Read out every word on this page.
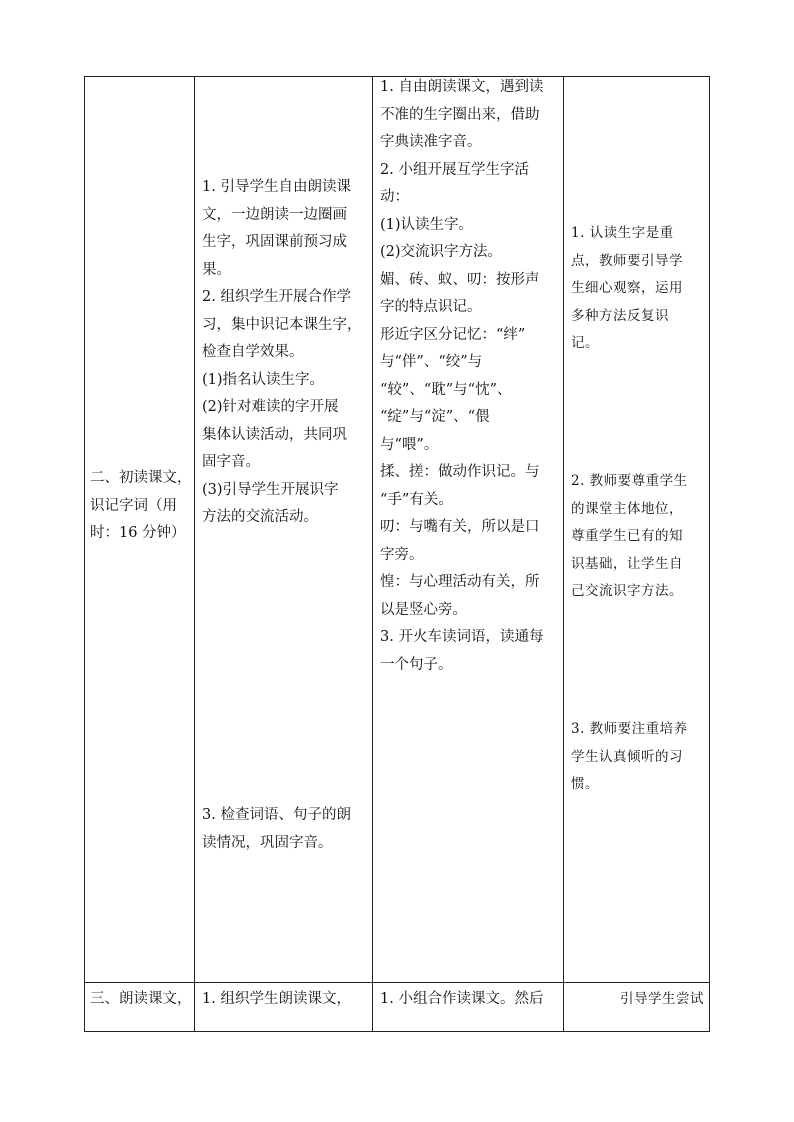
二、初读课文，

识记字词（用

时：16 分钟）

1. 引导学生自由朗读课

文，一边朗读一边圈画

生字，巩固课前预习成

果。

2. 组织学生开展合作学

习，集中识记本课生字，

检查自学效果。

(1)指名认读生字。

(2)针对难读的字开展

集体认读活动，共同巩

固字音。

(3)引导学生开展识字

方法的交流活动。

3. 检查词语、句子的朗

读情况，巩固字音。

1. 自由朗读课文，遇到读

不准的生字圈出来，借助

字典读准字音。

2. 小组开展互学生字活

动：

(1)认读生字。

(2)交流识字方法。

媚、砖、蚁、叨：按形声

字的特点识记。

形近字区分记忆：“绊”

与“伴”、“绞”与

“较”、“耽”与“忱”、

“绽”与“淀”、“偎

与“喂”。

揉、搓：做动作识记。与

“手”有关。

叨：与嘴有关，所以是口

字旁。

惶：与心理活动有关，所

以是竖心旁。

3. 开火车读词语，读通每

一个句子。

1. 认读生字是重

点，教师要引导学

生细心观察，运用

多种方法反复识

记。

2. 教师要尊重学生

的课堂主体地位，

尊重学生已有的知

识基础，让学生自

己交流识字方法。

3. 教师要注重培养

学生认真倾听的习

惯。

三、朗读课文， 1. 组织学生朗读课文，	1. 小组合作读课文。然后	引导学生尝试
